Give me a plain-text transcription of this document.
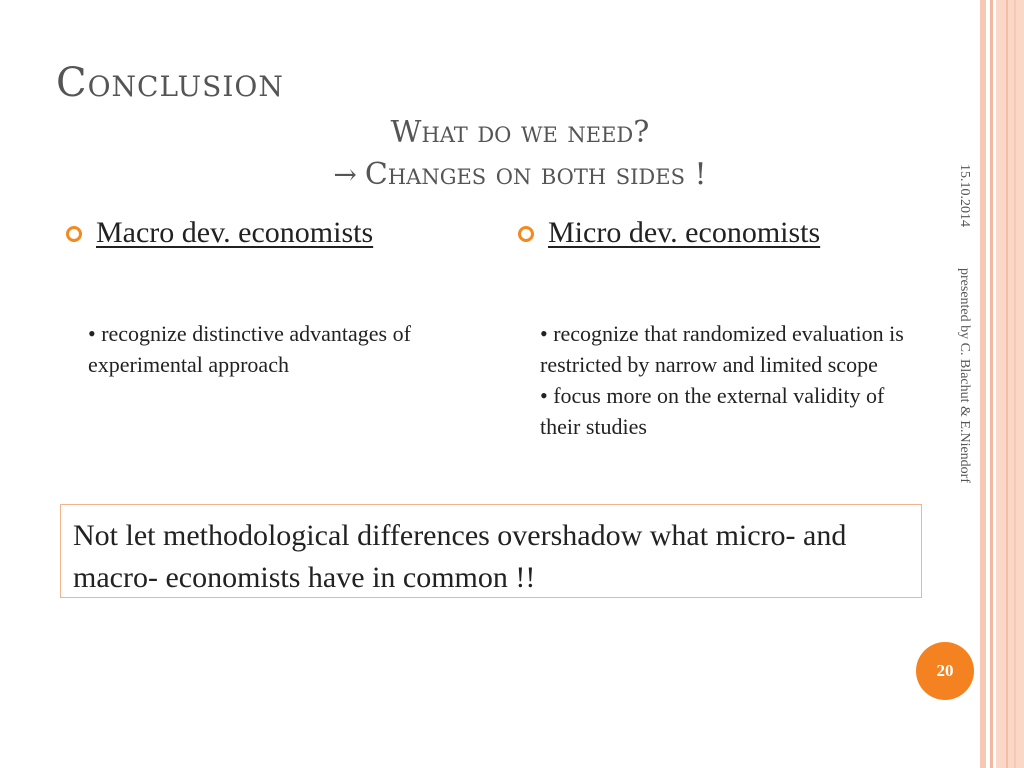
Conclusion
What do we need?
→ Changes on both sides !
Macro dev. economists	Micro dev. economists
• recognize distinctive advantages of experimental approach
• recognize that randomized evaluation is restricted by narrow and limited scope
• focus more on the external validity of their studies
Not let methodological differences overshadow what micro- and macro- economists have in common !!
15.10.2014
presented by C. Blachut & E.Niendorf
20
